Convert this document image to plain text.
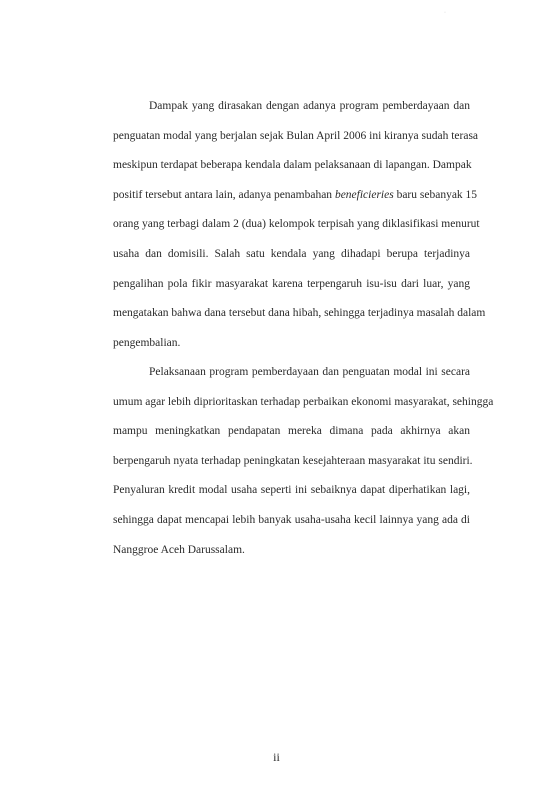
·

Dampak yang dirasakan dengan adanya program pemberdayaan dan
penguatan modal yang berjalan sejak Bulan April 2006 ini kiranya sudah terasa
meskipun terdapat beberapa kendala dalam pelaksanaan di lapangan. Dampak
positif tersebut antara lain, adanya penambahan beneficieries baru sebanyak 15
orang yang terbagi dalam 2 (dua) kelompok terpisah yang diklasifikasi menurut
usaha dan domisili. Salah satu kendala yang dihadapi berupa terjadinya
pengalihan pola fikir masyarakat karena terpengaruh isu-isu dari luar, yang
mengatakan bahwa dana tersebut dana hibah, sehingga terjadinya masalah dalam
pengembalian.

Pelaksanaan program pemberdayaan dan penguatan modal ini secara
umum agar lebih diprioritaskan terhadap perbaikan ekonomi masyarakat, sehingga
mampu meningkatkan pendapatan mereka dimana pada akhirnya akan
berpengaruh nyata terhadap peningkatan kesejahteraan masyarakat itu sendiri.
Penyaluran kredit modal usaha seperti ini sebaiknya dapat diperhatikan lagi,
sehingga dapat mencapai lebih banyak usaha-usaha kecil lainnya yang ada di
Nanggroe Aceh Darussalam.

ii
